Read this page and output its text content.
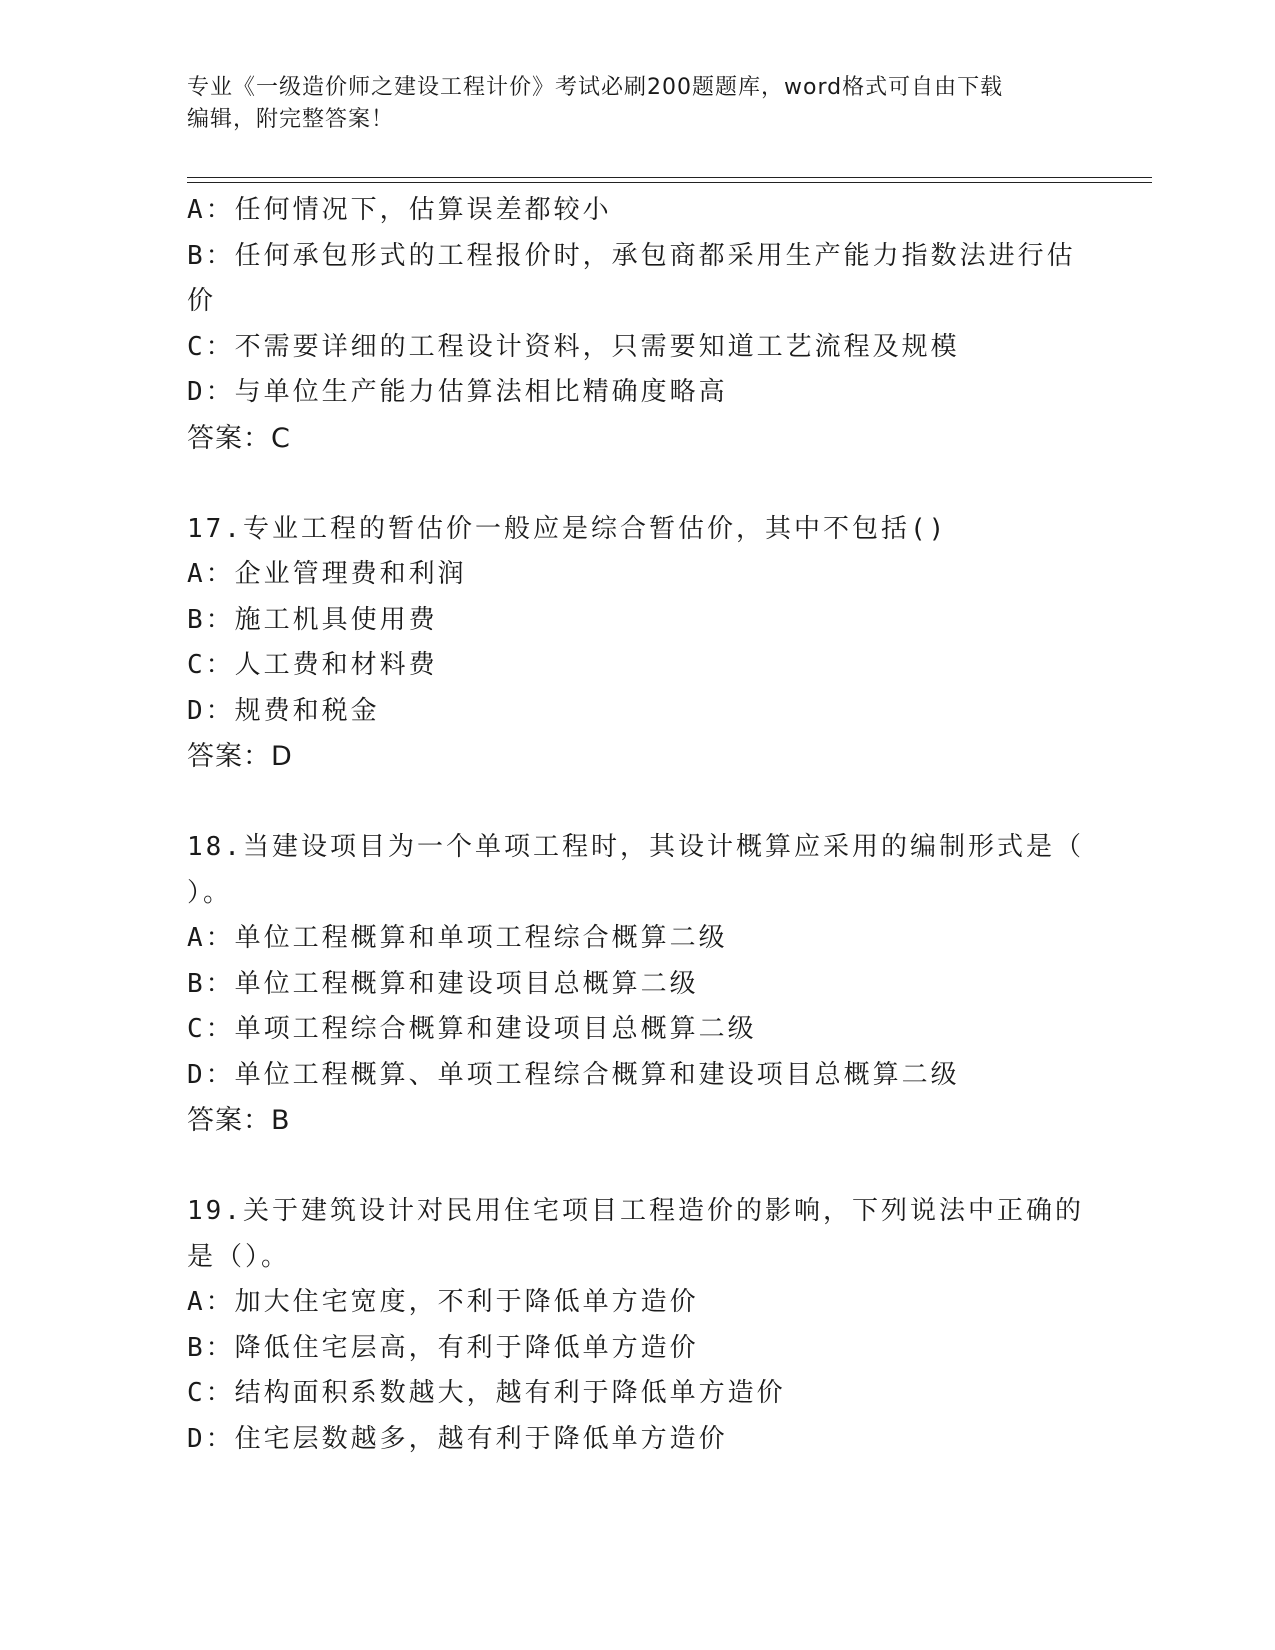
专业《一级造价师之建设工程计价》考试必刷200题题库，word格式可自由下载
编辑，附完整答案！
A：任何情况下，估算误差都较小
B：任何承包形式的工程报价时，承包商都采用生产能力指数法进行估
价
C：不需要详细的工程设计资料，只需要知道工艺流程及规模
D：与单位生产能力估算法相比精确度略高
答案：C
17.专业工程的暂估价一般应是综合暂估价，其中不包括()
A：企业管理费和利润
B：施工机具使用费
C：人工费和材料费
D：规费和税金
答案：D
18.当建设项目为一个单项工程时，其设计概算应采用的编制形式是（
）。
A：单位工程概算和单项工程综合概算二级
B：单位工程概算和建设项目总概算二级
C：单项工程综合概算和建设项目总概算二级
D：单位工程概算、单项工程综合概算和建设项目总概算二级
答案：B
19.关于建筑设计对民用住宅项目工程造价的影响，下列说法中正确的
是（）。
A：加大住宅宽度，不利于降低单方造价
B：降低住宅层高，有利于降低单方造价
C：结构面积系数越大，越有利于降低单方造价
D：住宅层数越多，越有利于降低单方造价
